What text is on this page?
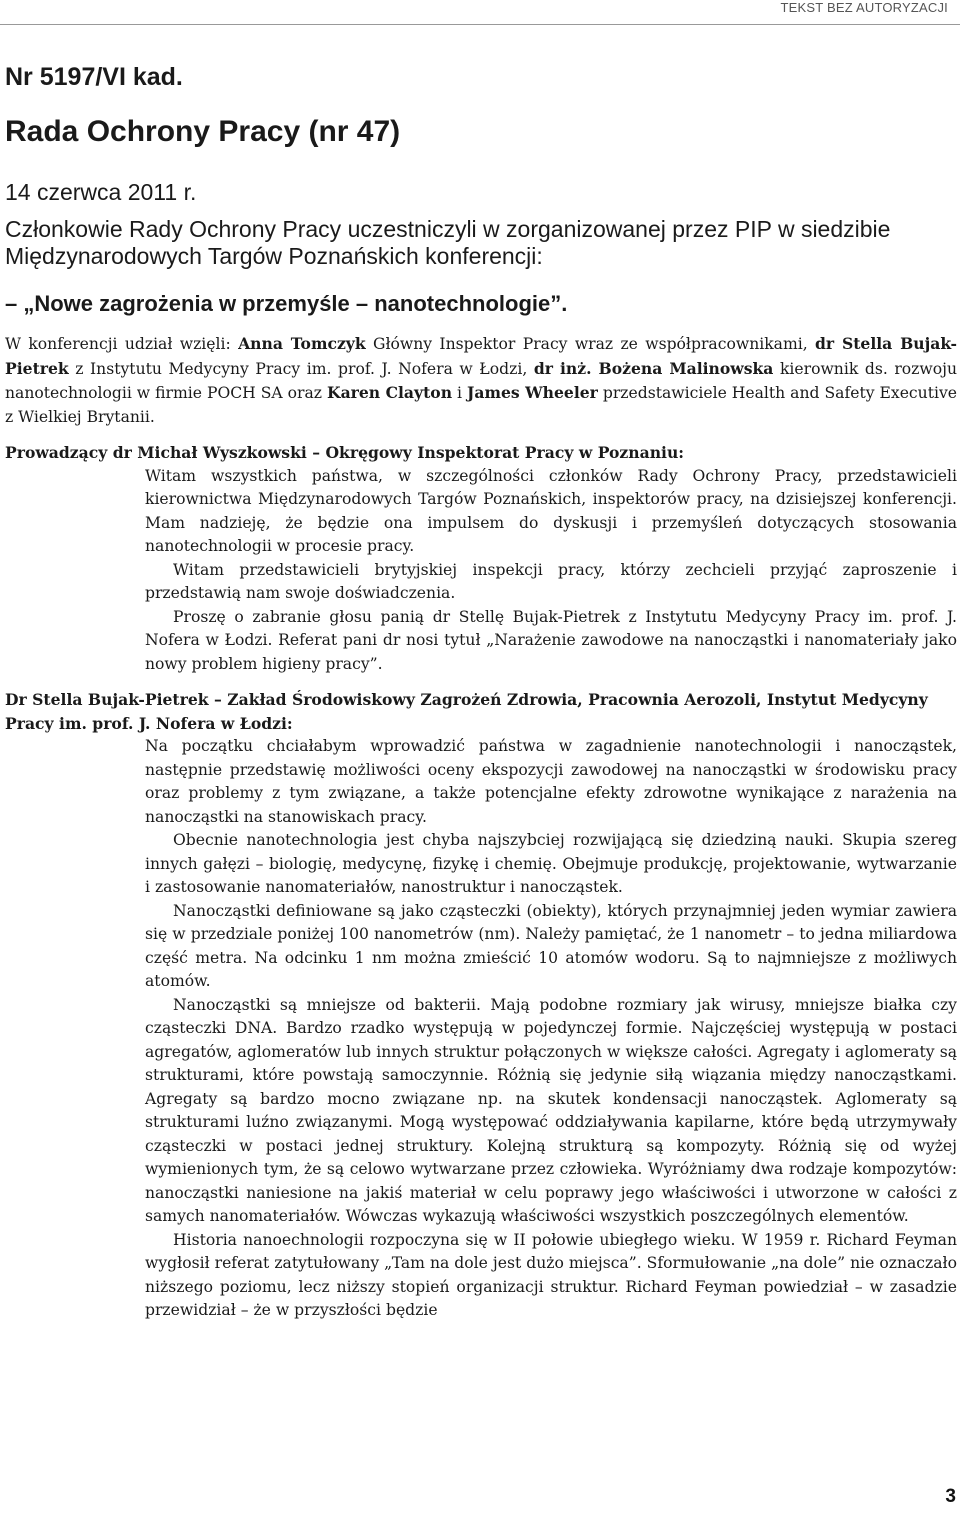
TEKST BEZ AUTORYZACJI

Nr 5197/VI kad.

Rada Ochrony Pracy (nr 47)

14 czerwca 2011 r.

Członkowie Rady Ochrony Pracy uczestniczyli w zorganizowanej przez PIP w siedzibie Międzynarodowych Targów Poznańskich konferencji:

– „Nowe zagrożenia w przemyśle – nanotechnologie”.

W konferencji udział wzięli: Anna Tomczyk Główny Inspektor Pracy wraz ze współpracownikami, dr Stella Bujak-Pietrek z Instytutu Medycyny Pracy im. prof. J. Nofera w Łodzi, dr inż. Bożena Malinowska kierownik ds. rozwoju nanotechnologii w firmie POCH SA oraz Karen Clayton i James Wheeler przedstawiciele Health and Safety Executive z Wielkiej Brytanii.

Prowadzący dr Michał Wyszkowski – Okręgowy Inspektorat Pracy w Poznaniu:

Witam wszystkich państwa, w szczególności członków Rady Ochrony Pracy, przedstawicieli kierownictwa Międzynarodowych Targów Poznańskich, inspektorów pracy, na dzisiejszej konferencji. Mam nadzieję, że będzie ona impulsem do dyskusji i przemyśleń dotyczących stosowania nanotechnologii w procesie pracy.

Witam przedstawicieli brytyjskiej inspekcji pracy, którzy zechcieli przyjąć zaproszenie i przedstawią nam swoje doświadczenia.

Proszę o zabranie głosu panią dr Stellę Bujak-Pietrek z Instytutu Medycyny Pracy im. prof. J. Nofera w Łodzi. Referat pani dr nosi tytuł „Narażenie zawodowe na nanocząstki i nanomateriały jako nowy problem higieny pracy”.

Dr Stella Bujak-Pietrek – Zakład Środowiskowy Zagrożeń Zdrowia, Pracownia Aerozoli, Instytut Medycyny Pracy im. prof. J. Nofera w Łodzi:

Na początku chciałabym wprowadzić państwa w zagadnienie nanotechnologii i nanocząstek, następnie przedstawię możliwości oceny ekspozycji zawodowej na nanocząstki w środowisku pracy oraz problemy z tym związane, a także potencjalne efekty zdrowotne wynikające z narażenia na nanocząstki na stanowiskach pracy.

Obecnie nanotechnologia jest chyba najszybciej rozwijającą się dziedziną nauki. Skupia szereg innych gałęzi – biologię, medycynę, fizykę i chemię. Obejmuje produkcję, projektowanie, wytwarzanie i zastosowanie nanomateriałów, nanostruktur i nanocząstek.

Nanocząstki definiowane są jako cząsteczki (obiekty), których przynajmniej jeden wymiar zawiera się w przedziale poniżej 100 nanometrów (nm). Należy pamiętać, że 1 nanometr – to jedna miliardowa część metra. Na odcinku 1 nm można zmieścić 10 atomów wodoru. Są to najmniejsze z możliwych atomów.

Nanocząstki są mniejsze od bakterii. Mają podobne rozmiary jak wirusy, mniejsze białka czy cząsteczki DNA. Bardzo rzadko występują w pojedynczej formie. Najczęściej występują w postaci agregatów, aglomeratów lub innych struktur połączonych w większe całości. Agregaty i aglomeraty są strukturami, które powstają samoczynnie. Różnią się jedynie siłą wiązania między nanocząstkami. Agregaty są bardzo mocno związane np. na skutek kondensacji nanocząstek. Aglomeraty są strukturami luźno związanymi. Mogą występować oddziaływania kapilarne, które będą utrzymywały cząsteczki w postaci jednej struktury. Kolejną strukturą są kompozyty. Różnią się od wyżej wymienionych tym, że są celowo wytwarzane przez człowieka. Wyróżniamy dwa rodzaje kompozytów: nanocząstki naniesione na jakiś materiał w celu poprawy jego właściwości i utworzone w całości z samych nanomateriałów. Wówczas wykazują właściwości wszystkich poszczególnych elementów.

Historia nanoechnologii rozpoczyna się w II połowie ubiegłego wieku. W 1959 r. Richard Feyman wygłosił referat zatytułowany „Tam na dole jest dużo miejsca”. Sformułowanie „na dole” nie oznaczało niższego poziomu, lecz niższy stopień organizacji struktur. Richard Feyman powiedział – w zasadzie przewidział – że w przyszłości będzie

3
